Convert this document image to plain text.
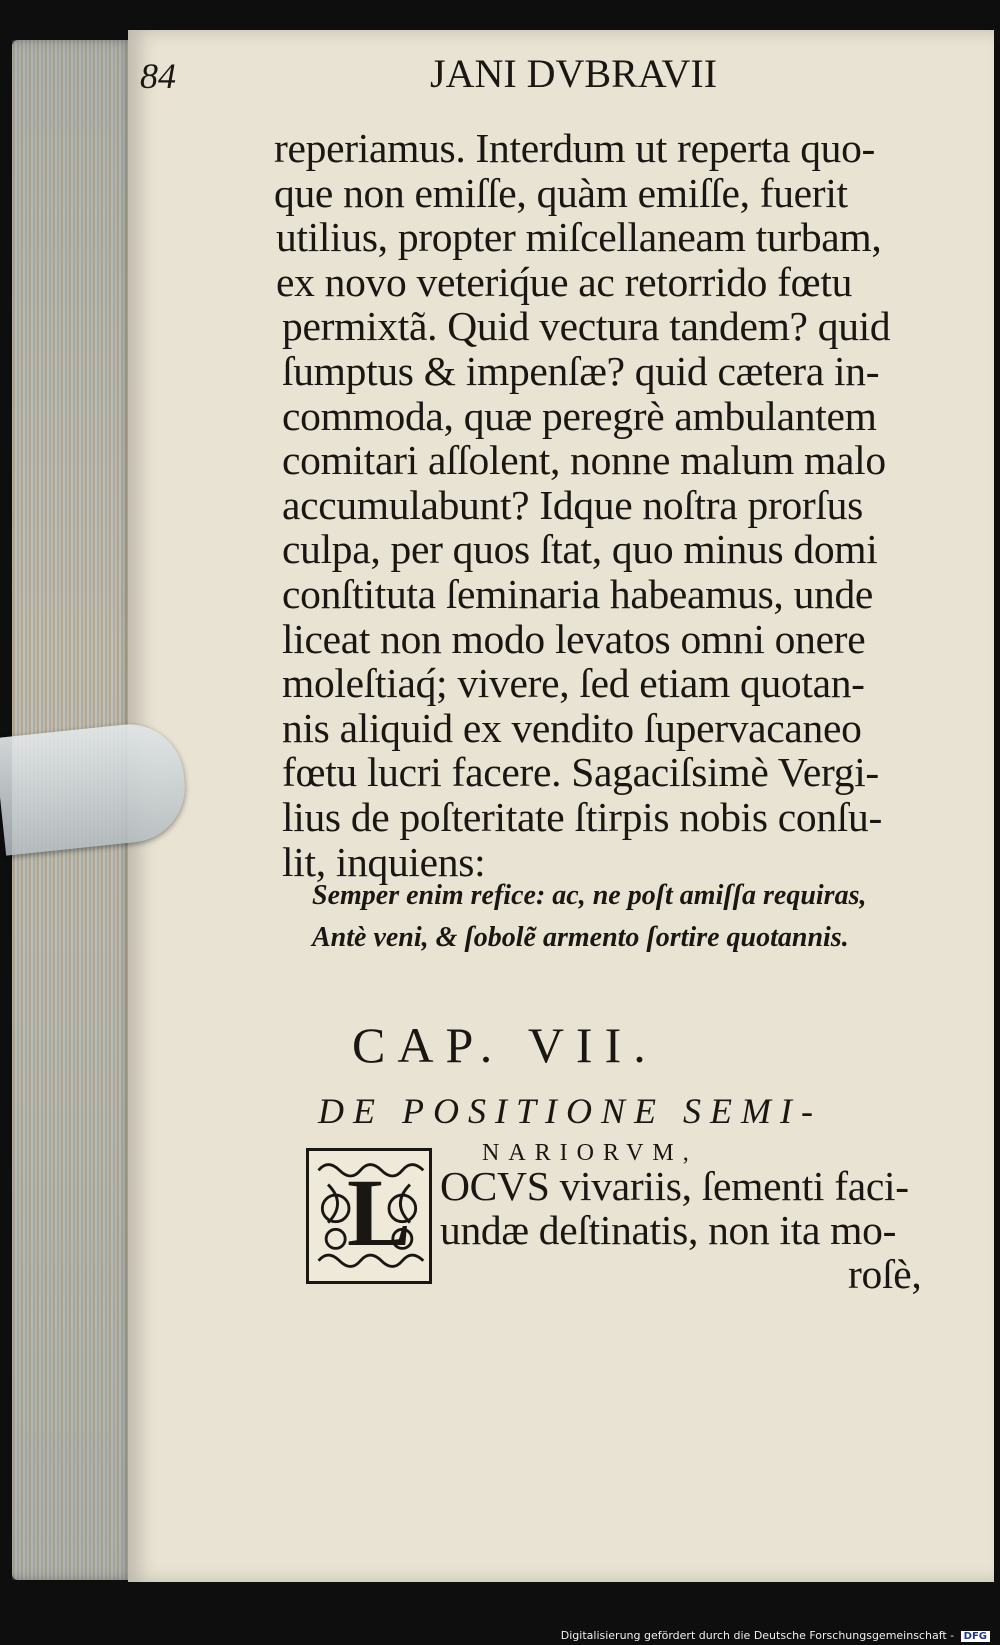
84	JANI DVBRAVII
reperiamus. Interdum ut reperta quo-
que non emiſſe, quàm emiſſe, fuerit
utilius, propter miſcellaneam turbam,
ex novo veteriq́ue ac retorrido fœtu
permixtã. Quid vectura tandem? quid
ſumptus & impenſæ? quid cætera in-
commoda, quæ peregrè ambulantem
comitari aſſolent, nonne malum malo
accumulabunt? Idque noſtra prorſus
culpa, per quos ſtat, quo minus domi
conſtituta ſeminaria habeamus, unde
liceat non modo levatos omni onere
moleſtiaq́; vivere, ſed etiam quotan-
nis aliquid ex vendito ſupervacaneo
fœtu lucri facere. Sagaciſsimè Vergi-
lius de poſteritate ſtirpis nobis conſu-
lit, inquiens:
Semper enim refice: ac, ne poſt amiſſa requiras,
Antè veni, & ſobolẽ armento ſortire quotannis.
CAP. VII.
DE POSITIONE SEMI-
NARIORVM,
L OCVS vivariis, ſementi faci-
undæ deſtinatis, non ita mo-
roſè,
Digitalisierung gefördert durch die Deutsche Forschungsgemeinschaft - DFG
